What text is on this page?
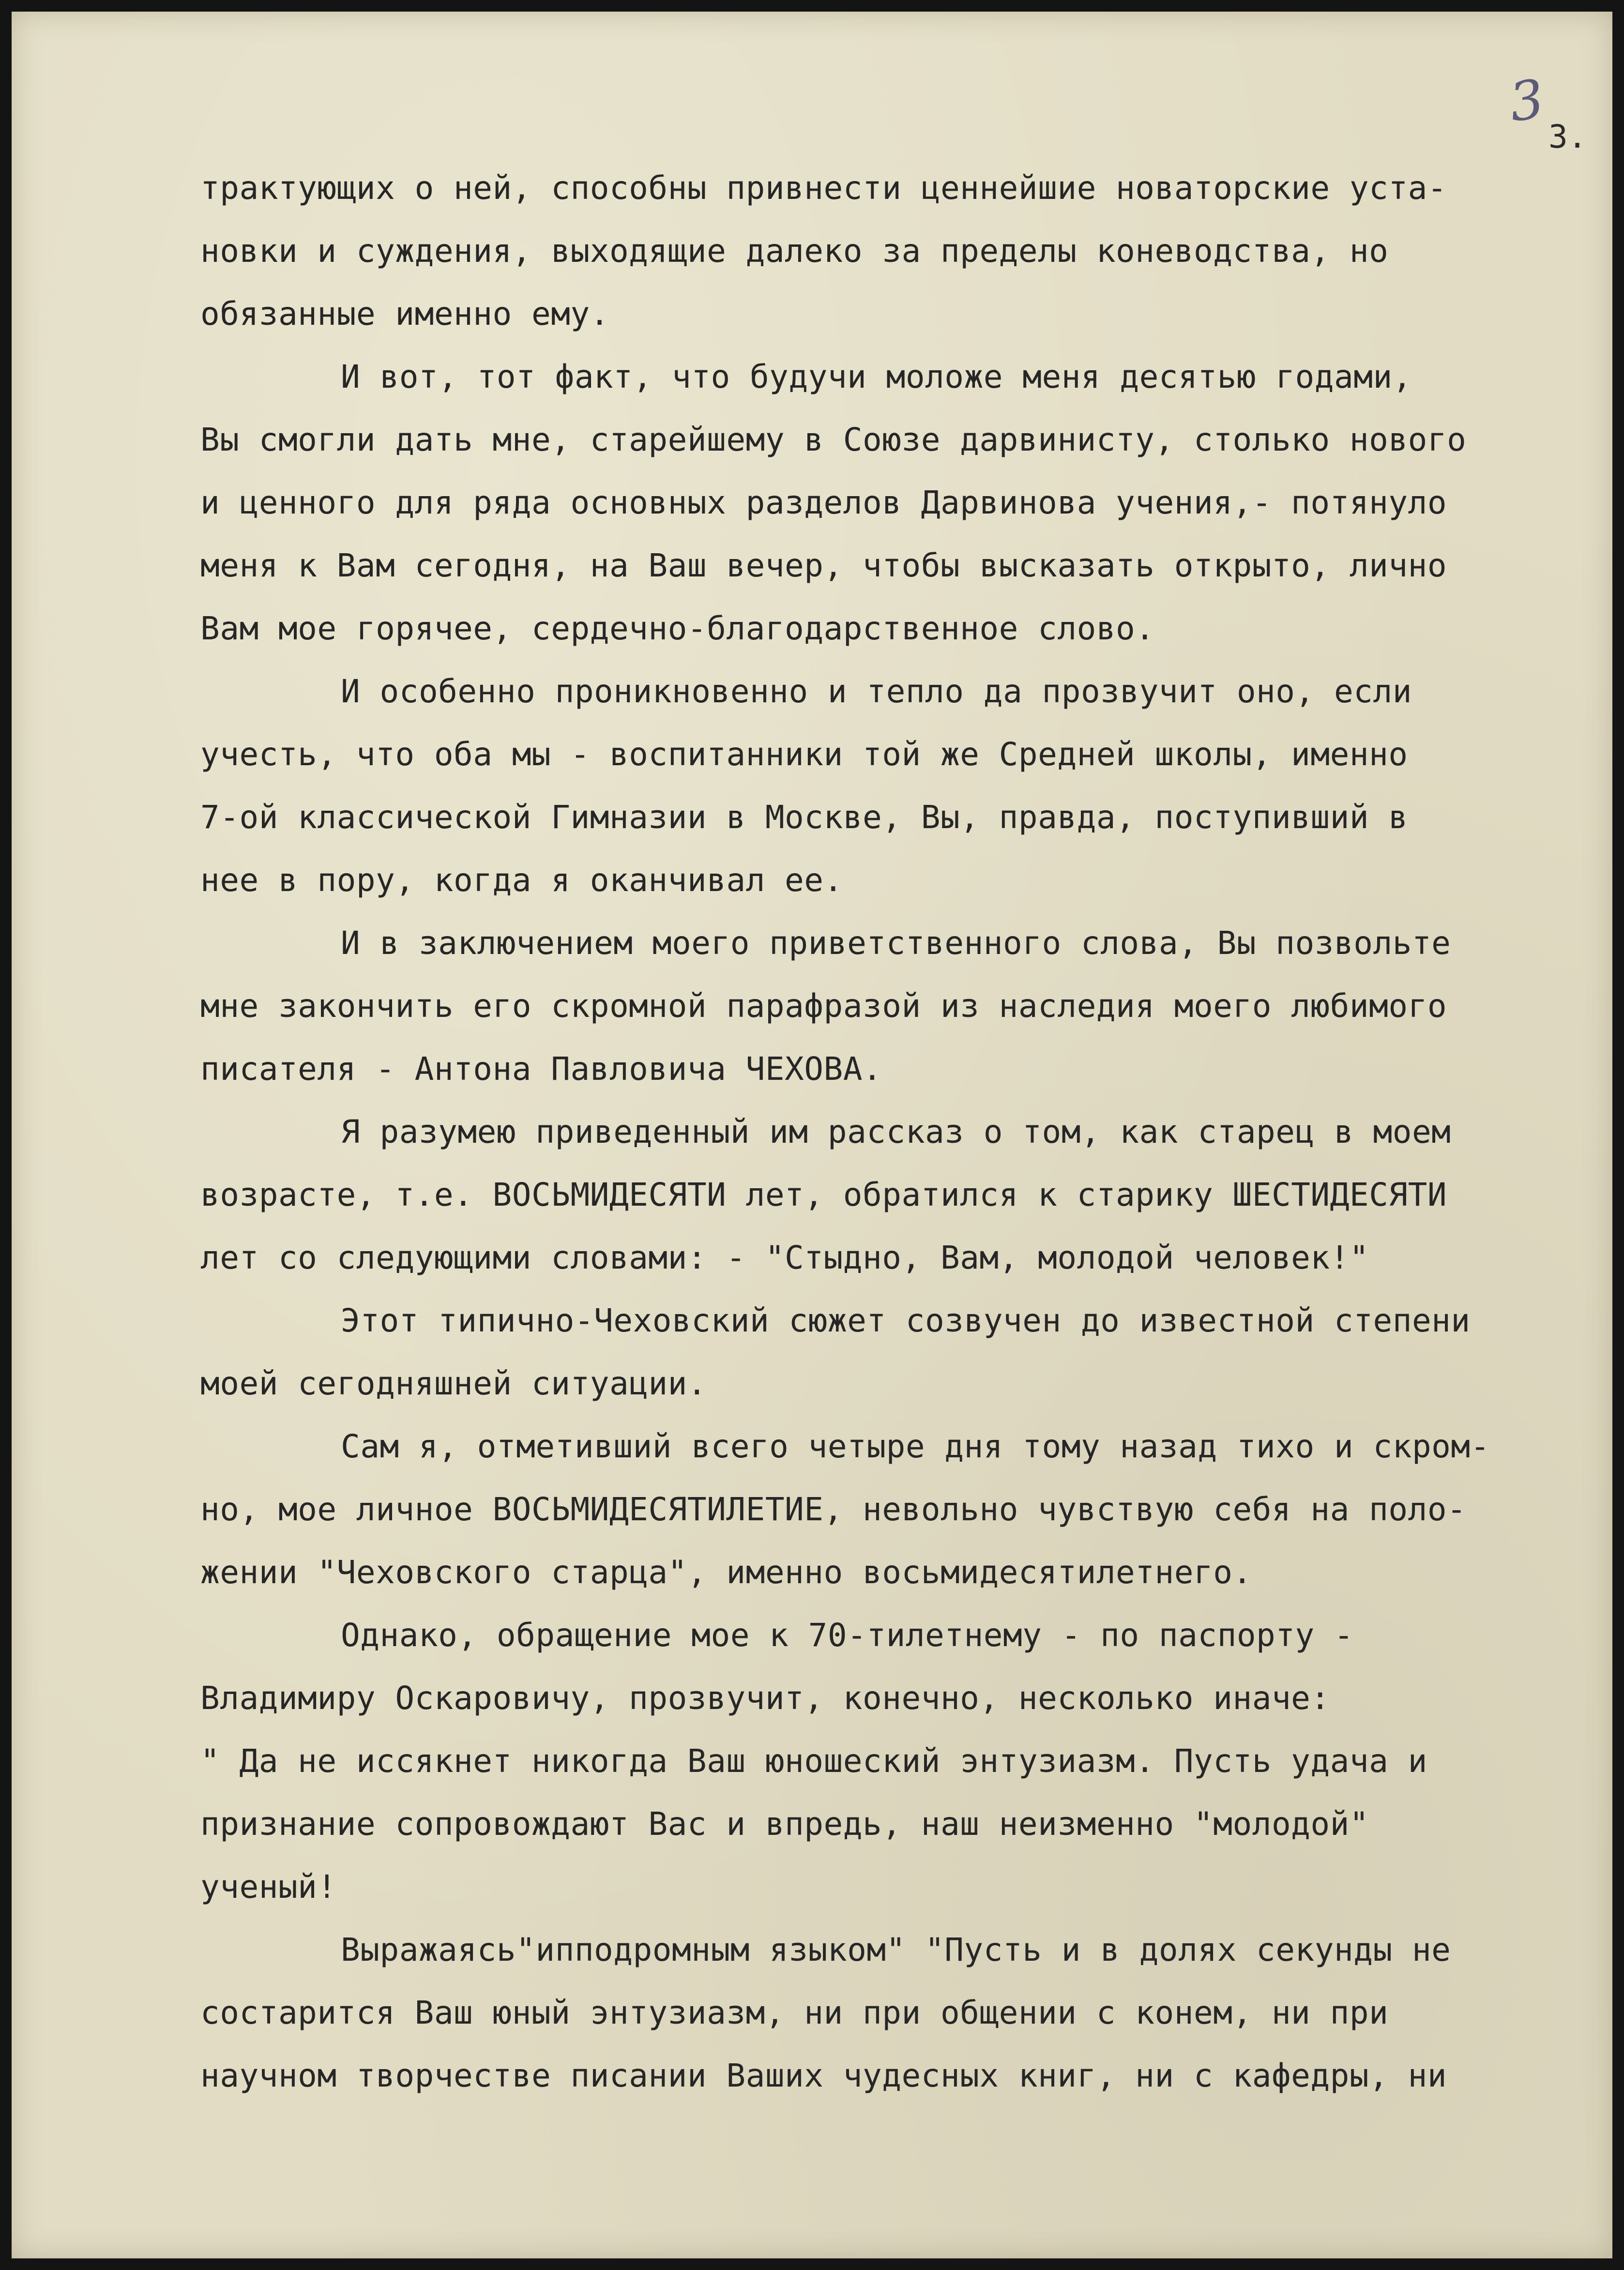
3
3.
трактующих о ней, способны привнести ценнейшие новаторские уста-
новки и суждения, выходящие далеко за пределы коневодства, но
обязанные именно ему.
И вот, тот факт, что будучи моложе меня десятью годами,
Вы смогли дать мне, старейшему в Союзе дарвинисту, столько нового
и ценного для ряда основных разделов Дарвинова учения,- потянуло
меня к Вам сегодня, на Ваш вечер, чтобы высказать открыто, лично
Вам мое горячее, сердечно-благодарственное слово.
И особенно проникновенно и тепло да прозвучит оно, если
учесть, что оба мы - воспитанники той же Средней школы, именно
7-ой классической Гимназии в Москве, Вы, правда, поступивший в
нее в пору, когда я оканчивал ее.
И в заключением моего приветственного слова, Вы позвольте
мне закончить его скромной парафразой из наследия моего любимого
писателя - Антона Павловича ЧЕХОВА.
Я разумею приведенный им рассказ о том, как старец в моем
возрасте, т.е. ВОСЬМИДЕСЯТИ лет, обратился к старику ШЕСТИДЕСЯТИ
лет со следующими словами: - "Стыдно, Вам, молодой человек!"
Этот типично-Чеховский сюжет созвучен до известной степени
моей сегодняшней ситуации.
Сам я, отметивший всего четыре дня тому назад тихо и скром-
но, мое личное ВОСЬМИДЕСЯТИЛЕТИЕ, невольно чувствую себя на поло-
жении "Чеховского старца", именно восьмидесятилетнего.
Однако, обращение мое к 70-тилетнему - по паспорту -
Владимиру Оскаровичу, прозвучит, конечно, несколько иначе:
" Да не иссякнет никогда Ваш юношеский энтузиазм. Пусть удача и
признание сопровождают Вас и впредь, наш неизменно "молодой"
ученый!
Выражаясь"ипподромным языком" "Пусть и в долях секунды не
состарится Ваш юный энтузиазм, ни при общении с конем, ни при
научном творчестве писании Ваших чудесных книг, ни с кафедры, ни
